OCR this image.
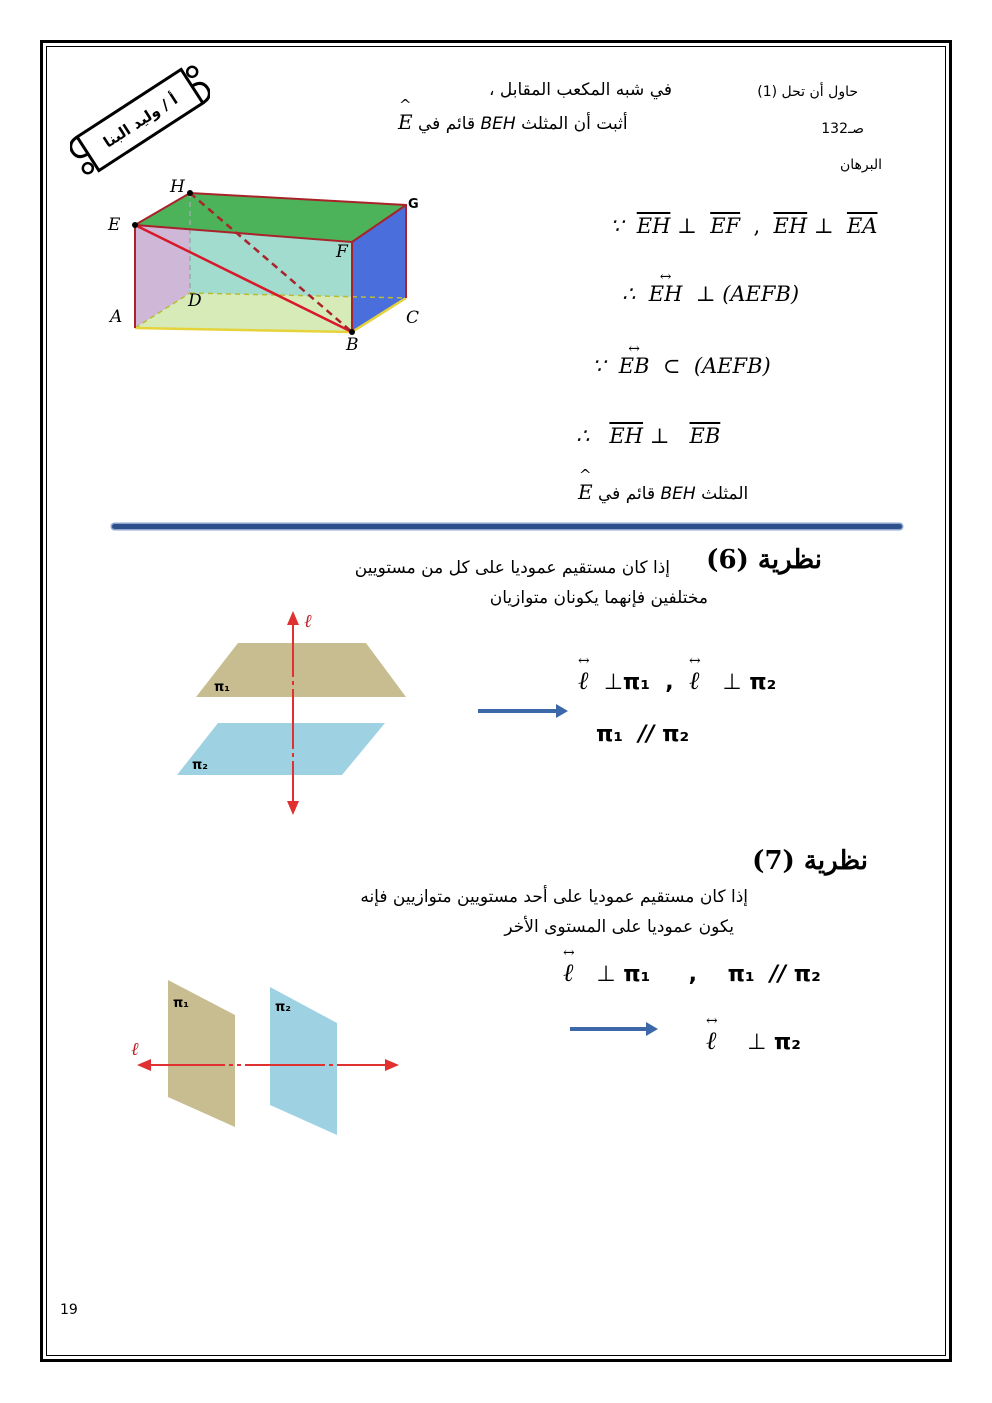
أ / وليد البنا	حاول أن تحل (1)
صـ132
البرهان
في شبه المكعب المقابل ،
^
E قائم في BEH أثبت أن المثلث
H
G
E
F
D
A	C
B
∵ $\overline{EH}$ ⊥ $\overline{EF}$ , $\overline{EH}$ ⊥ $\overline{EA}$
∴
↔
EH ⊥ (AEFB)
∵
↔
EB ⊂ (AEFB)
∴ $\overline{EH}$ ⊥ $\overline{EB}$
^
E قائم في BEH المثلث
نظرية (6)
إذا كان مستقيم عموديا على كل من مستويين
مختلفين فإنهما يكونان متوازيان
ℓ
π₁
π₂
↔
ℓ ⊥π₁ ,
↔
ℓ ⊥ π₂
π₁ // π₂
نظرية (7)
إذا كان مستقيم عموديا على أحد مستويين متوازيين فإنه
يكون عموديا على المستوى الأخر
ℓ
π₁	π₂
↔
ℓ ⊥ π₁ , π₁ // π₂
↔
ℓ ⊥ π₂
19
